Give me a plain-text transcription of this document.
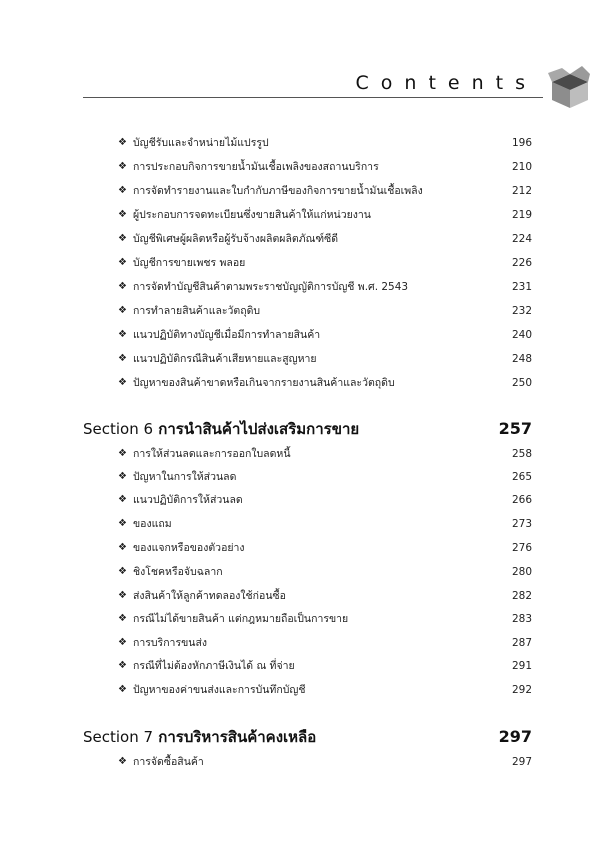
Contents
❖ บัญชีรับและจำหน่ายไม้แปรรูป	196
❖ การประกอบกิจการขายน้ำมันเชื้อเพลิงของสถานบริการ	210
❖ การจัดทำรายงานและใบกำกับภาษีของกิจการขายน้ำมันเชื้อเพลิง	212
❖ ผู้ประกอบการจดทะเบียนซึ่งขายสินค้าให้แก่หน่วยงาน	219
❖ บัญชีพิเศษผู้ผลิตหรือผู้รับจ้างผลิตผลิตภัณฑ์ซีดี	224
❖ บัญชีการขายเพชร พลอย	226
❖ การจัดทำบัญชีสินค้าตามพระราชบัญญัติการบัญชี พ.ศ. 2543	231
❖ การทำลายสินค้าและวัตถุดิบ	232
❖ แนวปฏิบัติทางบัญชีเมื่อมีการทำลายสินค้า	240
❖ แนวปฏิบัติกรณีสินค้าเสียหายและสูญหาย	248
❖ ปัญหาของสินค้าขาดหรือเกินจากรายงานสินค้าและวัตถุดิบ	250
Section 6 การนำสินค้าไปส่งเสริมการขาย	257
❖ การให้ส่วนลดและการออกใบลดหนี้	258
❖ ปัญหาในการให้ส่วนลด	265
❖ แนวปฏิบัติการให้ส่วนลด	266
❖ ของแถม	273
❖ ของแจกหรือของตัวอย่าง	276
❖ ชิงโชคหรือจับฉลาก	280
❖ ส่งสินค้าให้ลูกค้าทดลองใช้ก่อนซื้อ	282
❖ กรณีไม่ได้ขายสินค้า แต่กฎหมายถือเป็นการขาย	283
❖ การบริการขนส่ง	287
❖ กรณีที่ไม่ต้องหักภาษีเงินได้ ณ ที่จ่าย	291
❖ ปัญหาของค่าขนส่งและการบันทึกบัญชี	292
Section 7 การบริหารสินค้าคงเหลือ	297
❖ การจัดซื้อสินค้า	297
